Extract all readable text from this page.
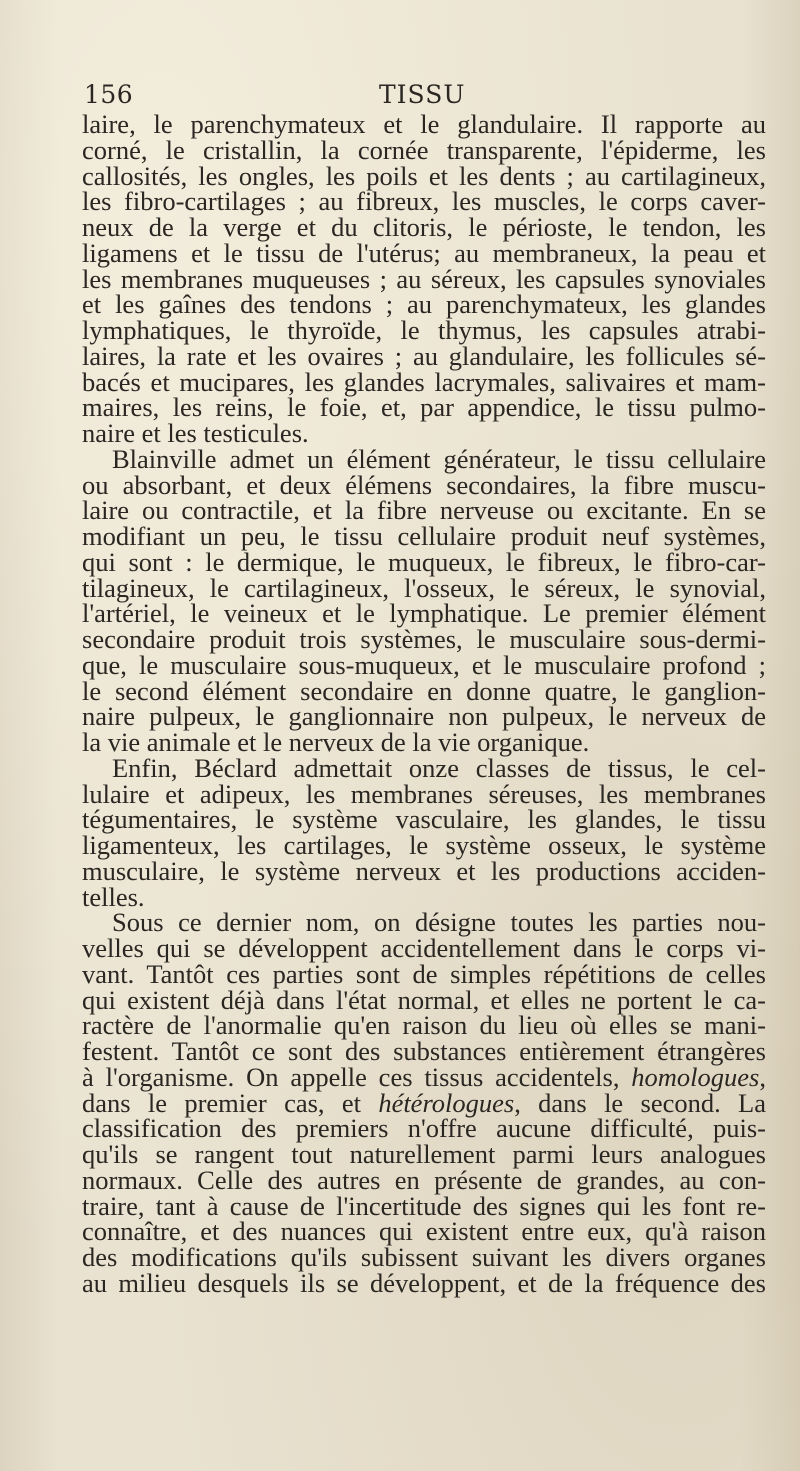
156	TISSU
laire, le parenchymateux et le glandulaire. Il rapporte au
corné, le cristallin, la cornée transparente, l'épiderme, les
callosités, les ongles, les poils et les dents ; au cartilagineux,
les fibro-cartilages ; au fibreux, les muscles, le corps caver-
neux de la verge et du clitoris, le périoste, le tendon, les
ligamens et le tissu de l'utérus; au membraneux, la peau et
les membranes muqueuses ; au séreux, les capsules synoviales
et les gaînes des tendons ; au parenchymateux, les glandes
lymphatiques, le thyroïde, le thymus, les capsules atrabi-
laires, la rate et les ovaires ; au glandulaire, les follicules sé-
bacés et mucipares, les glandes lacrymales, salivaires et mam-
maires, les reins, le foie, et, par appendice, le tissu pulmo-
naire et les testicules.
Blainville admet un élément générateur, le tissu cellulaire
ou absorbant, et deux élémens secondaires, la fibre muscu-
laire ou contractile, et la fibre nerveuse ou excitante. En se
modifiant un peu, le tissu cellulaire produit neuf systèmes,
qui sont : le dermique, le muqueux, le fibreux, le fibro-car-
tilagineux, le cartilagineux, l'osseux, le séreux, le synovial,
l'artériel, le veineux et le lymphatique. Le premier élément
secondaire produit trois systèmes, le musculaire sous-dermi-
que, le musculaire sous-muqueux, et le musculaire profond ;
le second élément secondaire en donne quatre, le ganglion-
naire pulpeux, le ganglionnaire non pulpeux, le nerveux de
la vie animale et le nerveux de la vie organique.
Enfin, Béclard admettait onze classes de tissus, le cel-
lulaire et adipeux, les membranes séreuses, les membranes
tégumentaires, le système vasculaire, les glandes, le tissu
ligamenteux, les cartilages, le système osseux, le système
musculaire, le système nerveux et les productions acciden-
telles.
Sous ce dernier nom, on désigne toutes les parties nou-
velles qui se développent accidentellement dans le corps vi-
vant. Tantôt ces parties sont de simples répétitions de celles
qui existent déjà dans l'état normal, et elles ne portent le ca-
ractère de l'anormalie qu'en raison du lieu où elles se mani-
festent. Tantôt ce sont des substances entièrement étrangères
à l'organisme. On appelle ces tissus accidentels, homologues,
dans le premier cas, et hétérologues, dans le second. La
classification des premiers n'offre aucune difficulté, puis-
qu'ils se rangent tout naturellement parmi leurs analogues
normaux. Celle des autres en présente de grandes, au con-
traire, tant à cause de l'incertitude des signes qui les font re-
connaître, et des nuances qui existent entre eux, qu'à raison
des modifications qu'ils subissent suivant les divers organes
au milieu desquels ils se développent, et de la fréquence des
